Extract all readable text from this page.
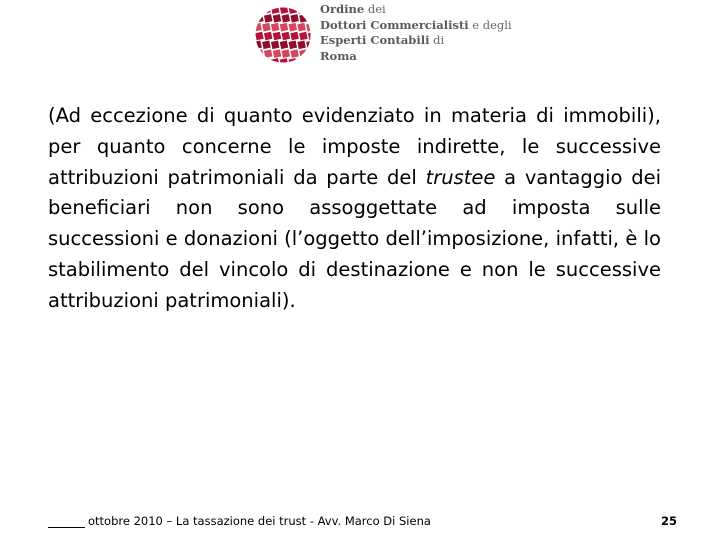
Ordine dei
Dottori Commercialisti e degli
Esperti Contabili di
Roma

(Ad eccezione di quanto evidenziato in materia di immobili), per quanto concerne le imposte indirette, le successive attribuzioni patrimoniali da parte del trustee a vantaggio dei beneficiari non sono assoggettate ad imposta sulle successioni e donazioni (l’oggetto dell’imposizione, infatti, è lo stabilimento del vincolo di destinazione e non le successive attribuzioni patrimoniali).

ottobre 2010 – La tassazione dei trust - Avv. Marco Di Siena	25
